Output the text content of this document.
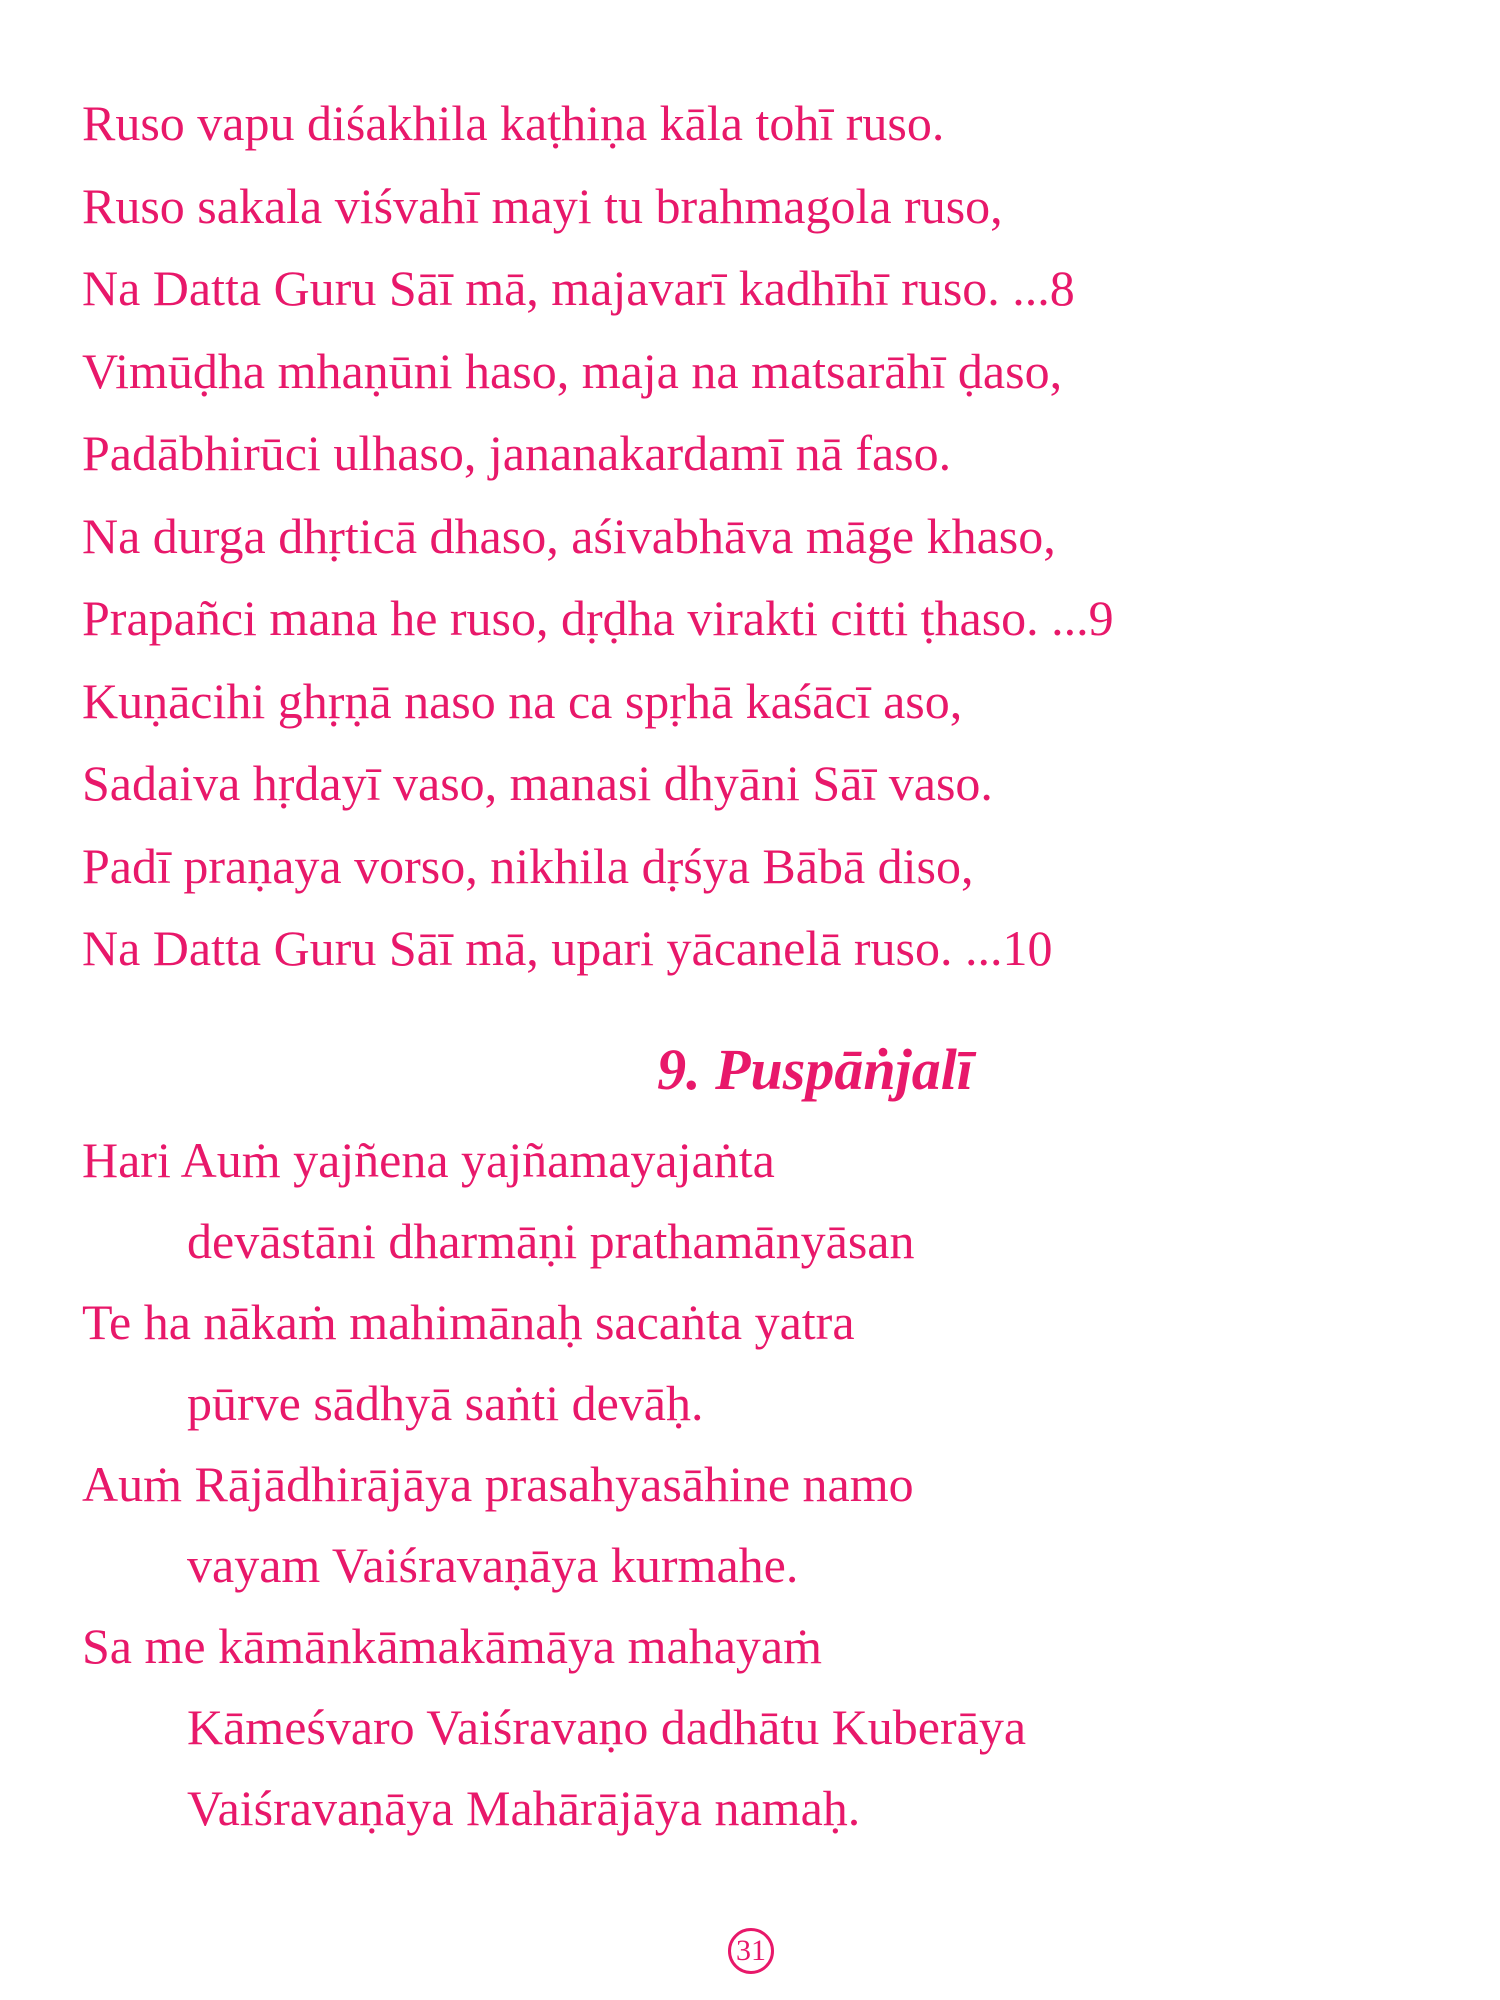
Ruso vapu diśakhila kaṭhiṇa kāla tohī ruso.
Ruso sakala viśvahī mayi tu brahmagola ruso,
Na Datta Guru Sāī mā, majavarī kadhīhī ruso. ...8
Vimūḍha mhaṇūni haso, maja na matsarāhī ḍaso,
Padābhirūci ulhaso, jananakardamī nā faso.
Na durga dhṛticā dhaso, aśivabhāva māge khaso,
Prapañci mana he ruso, dṛḍha virakti citti ṭhaso. ...9
Kuṇācihi ghṛṇā naso na ca spṛhā kaśācī aso,
Sadaiva hṛdayī vaso, manasi dhyāni Sāī vaso.
Padī praṇaya vorso, nikhila dṛśya Bābā diso,
Na Datta Guru Sāī mā, upari yācanelā ruso. ...10
9. Puspāṅjalī
Hari Auṁ yajñena yajñamayajaṅta
devāstāni dharmāṇi prathamānyāsan
Te ha nākaṁ mahimānaḥ sacaṅta yatra
pūrve sādhyā saṅti devāḥ.
Auṁ Rājādhirājāya prasahyasāhine namo
vayam Vaiśravaṇāya kurmahe.
Sa me kāmānkāmakāmāya mahayaṁ
Kāmeśvaro Vaiśravaṇo dadhātu Kuberāya
Vaiśravaṇāya Mahārājāya namaḥ.
31
